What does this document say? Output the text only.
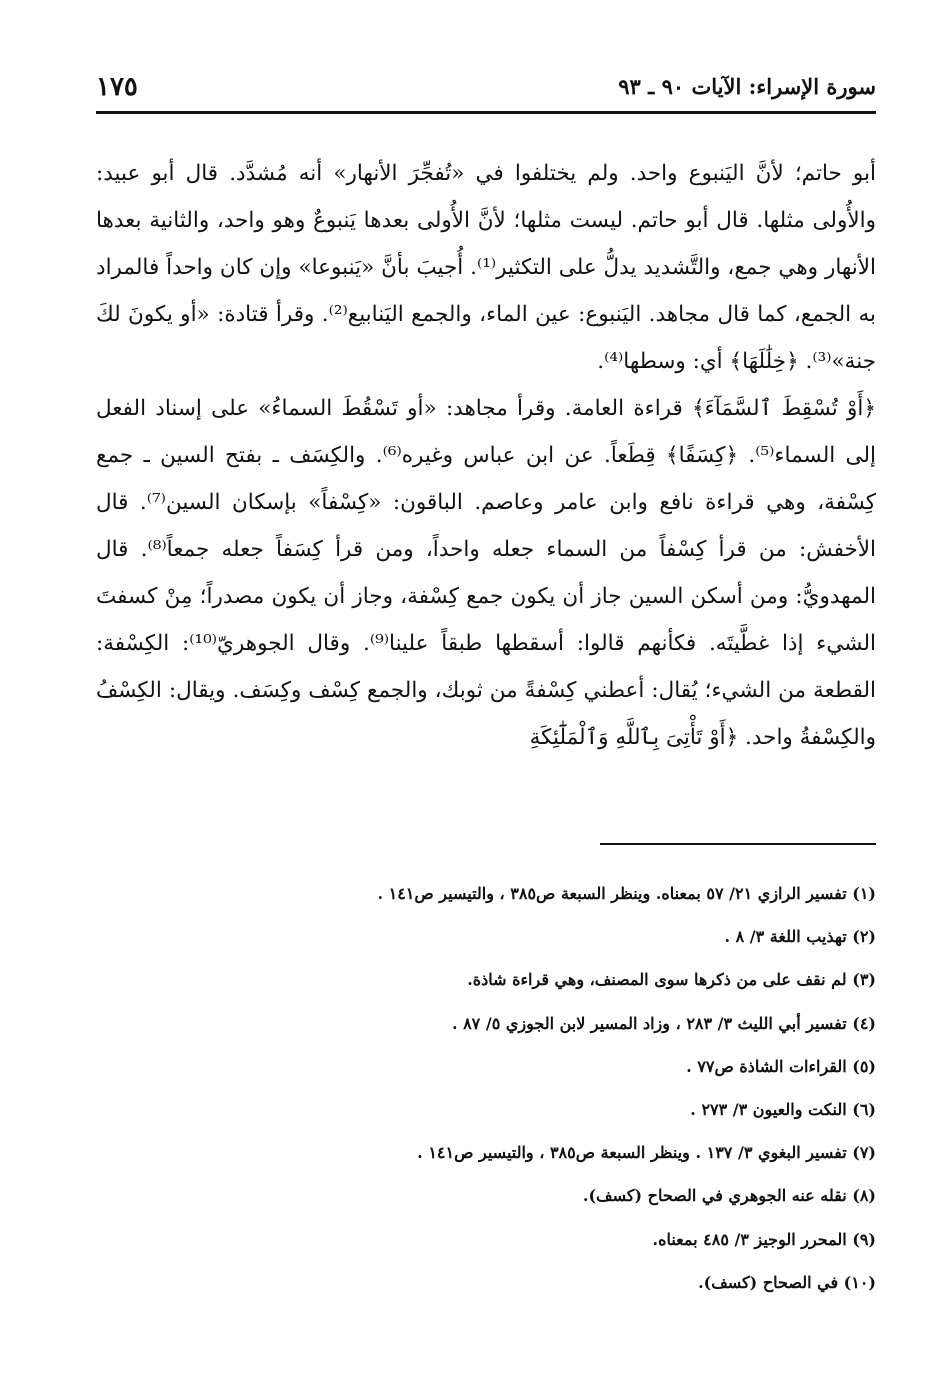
سورة الإسراء: الآيات ٩٠ ـ ٩٣
١٧٥

أبو حاتم؛ لأنَّ اليَنبوع واحد. ولم يختلفوا في «تُفجِّرَ الأنهار» أنه مُشدَّد. قال أبو عبيد: والأُولى مثلها. قال أبو حاتم. ليست مثلها؛ لأنَّ الأُولى بعدها يَنبوعٌ وهو واحد، والثانية بعدها الأنهار وهي جمع، والتَّشديد يدلُّ على التكثير⁽¹⁾. أُجيبَ بأنَّ «يَنبوعا» وإن كان واحداً فالمراد به الجمع، كما قال مجاهد. اليَنبوع: عين الماء، والجمع اليَنابيع⁽²⁾. وقرأ قتادة: «أو يكونَ لكَ جنة»⁽³⁾. ﴿خِلَٰلَهَا﴾ أي: وسطها⁽⁴⁾.

﴿أَوْ تُسْقِطَ ٱلسَّمَآءَ﴾ قراءة العامة. وقرأ مجاهد: «أو تَسْقُطَ السماءُ» على إسناد الفعل إلى السماء⁽⁵⁾. ﴿كِسَفًا﴾ قِطَعاً. عن ابن عباس وغيره⁽⁶⁾. والكِسَف ـ بفتح السين ـ جمع كِسْفة، وهي قراءة نافع وابن عامر وعاصم. الباقون: «كِسْفاً» بإسكان السين⁽⁷⁾. قال الأخفش: من قرأ كِسْفاً من السماء جعله واحداً، ومن قرأ كِسَفاً جعله جمعاً⁽⁸⁾. قال المهدويُّ: ومن أسكن السين جاز أن يكون جمع كِسْفة، وجاز أن يكون مصدراً؛ مِنْ كسفتَ الشيء إذا غطَّيتَه. فكأنهم قالوا: أسقطها طبقاً علينا⁽⁹⁾. وقال الجوهريّ⁽¹⁰⁾: الكِسْفة: القطعة من الشيء؛ يُقال: أعطني كِسْفةً من ثوبك، والجمع كِسْف وكِسَف. ويقال: الكِسْفُ والكِسْفةُ واحد. ﴿أَوْ تَأْتِىَ بِٱللَّهِ وَٱلْمَلَٰٓئِكَةِ

(١) تفسير الرازي ٢١/ ٥٧ بمعناه. وينظر السبعة ص٣٨٥ ، والتيسير ص١٤١ .
(٢) تهذيب اللغة ٣/ ٨ .
(٣) لم نقف على من ذكرها سوى المصنف، وهي قراءة شاذة.
(٤) تفسير أبي الليث ٣/ ٢٨٣ ، وزاد المسير لابن الجوزي ٥/ ٨٧ .
(٥) القراءات الشاذة ص٧٧ .
(٦) النكت والعيون ٣/ ٢٧٣ .
(٧) تفسير البغوي ٣/ ١٣٧ . وينظر السبعة ص٣٨٥ ، والتيسير ص١٤١ .
(٨) نقله عنه الجوهري في الصحاح (كسف).
(٩) المحرر الوجيز ٣/ ٤٨٥ بمعناه.
(١٠) في الصحاح (كسف).
